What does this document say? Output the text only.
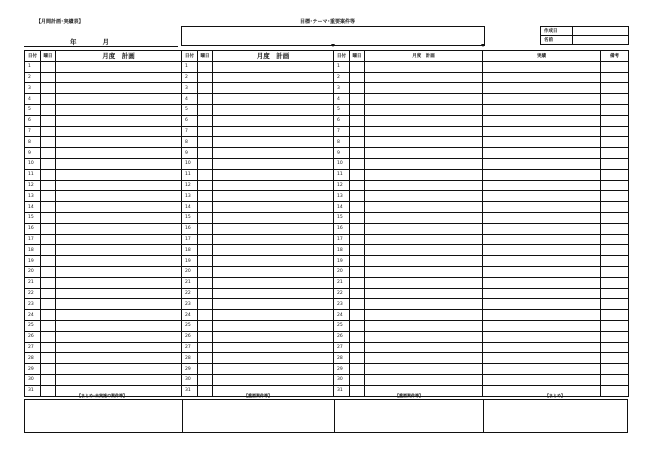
【月間計画･実績表】
年	月
目標･テーマ･重要案件等
作成日	
名前	
日付	曜日	月度　計画	日付	曜日	月度　計画	日付	曜日	月度　計画	実績	備考
1			1			1				
2			2			2				
3			3			3				
4			4			4				
5			5			5				
6			6			6				
7			7			7				
8			8			8				
9			9			9				
10			10			10				
11			11			11				
12			12			12				
13			13			13				
14			14			14				
15			15			15				
16			16			16				
17			17			17				
18			18			18				
19			19			19				
20			20			20				
21			21			21				
22			22			22				
23			23			23				
24			24			24				
25			25			25				
26			26			26				
27			27			27				
28			28			28				
29			29			29				
30			30			30				
31			31			31				
【まとめ･未実施の案件等】	【重要案件等】	【重要案件等】	【まとめ】
